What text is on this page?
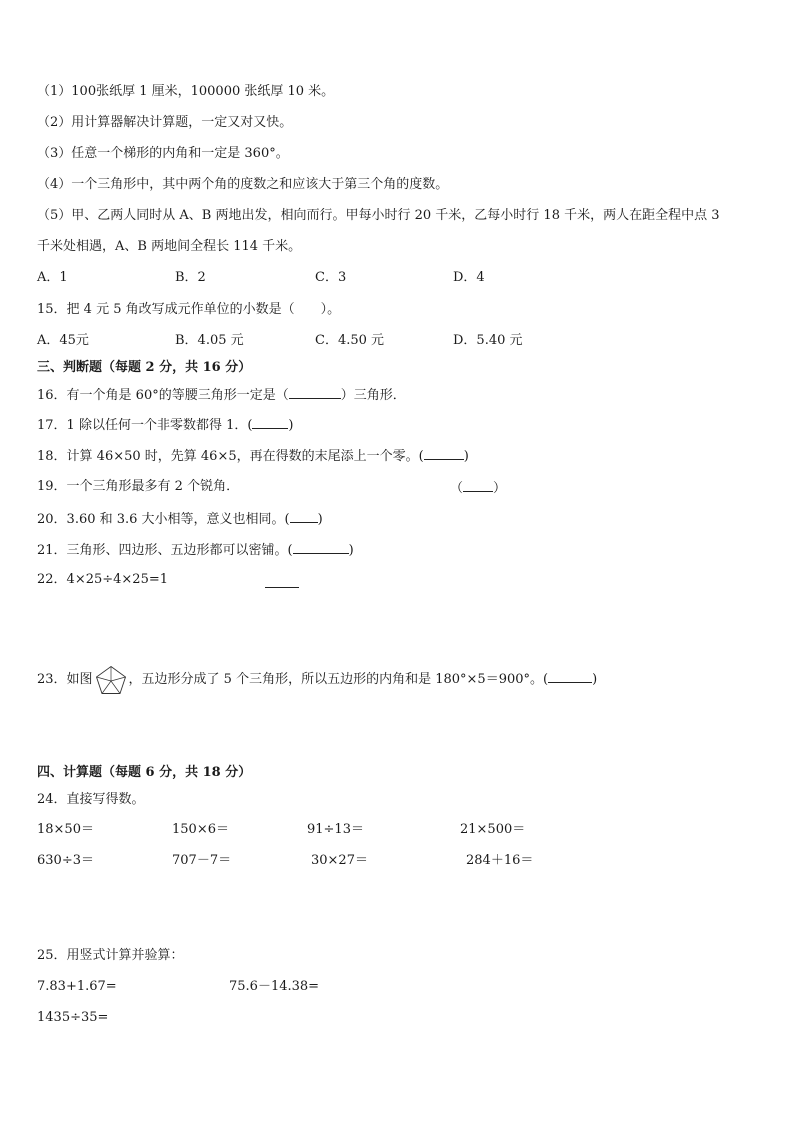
（1）100张纸厚 1 厘米，100000 张纸厚 10 米。
（2）用计算器解决计算题，一定又对又快。
（3）任意一个梯形的内角和一定是 360°。
（4）一个三角形中，其中两个角的度数之和应该大于第三个角的度数。
（5）甲、乙两人同时从 A、B 两地出发，相向而行。甲每小时行 20 千米，乙每小时行 18 千米，两人在距全程中点 3
千米处相遇，A、B 两地间全程长 114 千米。
A．1	B．2	C．3	D．4
15．把 4 元 5 角改写成元作单位的小数是（　　）。
A．45元	B．4.05 元	C．4.50 元	D．5.40 元
三、判断题（每题 2 分，共 16 分）
16．有一个角是 60°的等腰三角形一定是（	）三角形．
17．1 除以任何一个非零数都得 1．(	)
18．计算 46×50 时，先算 46×5，再在得数的末尾添上一个零。(	)
19．一个三角形最多有 2 个锐角．	（ ）
20．3.60 和 3.6 大小相等，意义也相同。( )
21．三角形、四边形、五边形都可以密铺。(	)
22．4×25÷4×25=1
23．如图	，五边形分成了 5 个三角形，所以五边形的内角和是 180°×5＝900°。(	)
四、计算题（每题 6 分，共 18 分）
24．直接写得数。
18×50＝	150×6＝	91÷13＝	21×500＝
630÷3＝	707－7＝	30×27＝	284＋16＝
25．用竖式计算并验算：
7.83+1.67=	75.6－14.38=
1435÷35=
